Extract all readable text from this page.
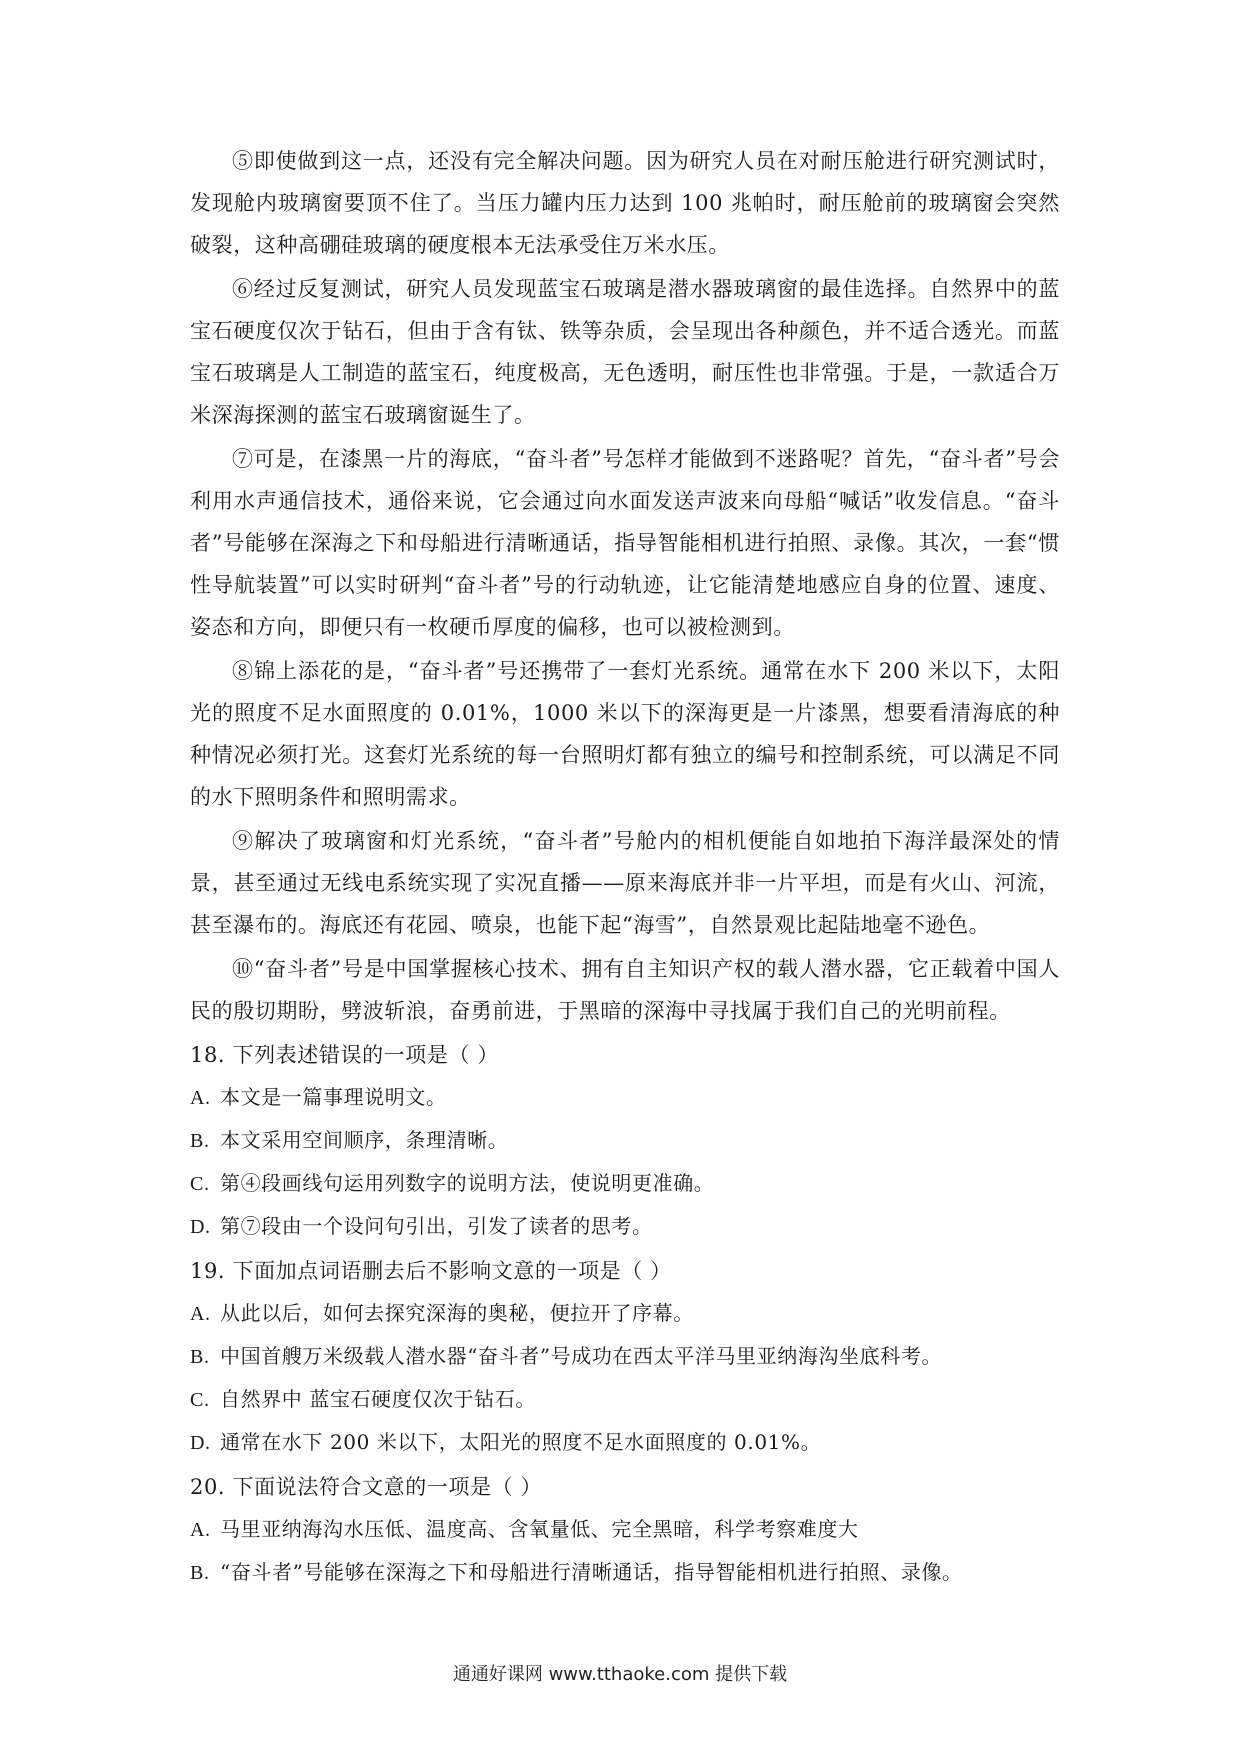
⑤即使做到这一点，还没有完全解决问题。因为研究人员在对耐压舱进行研究测试时，发现舱内玻璃窗要顶不住了。当压力罐内压力达到 100 兆帕时，耐压舱前的玻璃窗会突然破裂，这种高硼硅玻璃的硬度根本无法承受住万米水压。

⑥经过反复测试，研究人员发现蓝宝石玻璃是潜水器玻璃窗的最佳选择。自然界中的蓝宝石硬度仅次于钻石，但由于含有钛、铁等杂质，会呈现出各种颜色，并不适合透光。而蓝宝石玻璃是人工制造的蓝宝石，纯度极高，无色透明，耐压性也非常强。于是，一款适合万米深海探测的蓝宝石玻璃窗诞生了。

⑦可是，在漆黑一片的海底，“奋斗者”号怎样才能做到不迷路呢？首先，“奋斗者”号会利用水声通信技术，通俗来说，它会通过向水面发送声波来向母船“喊话”收发信息。“奋斗者”号能够在深海之下和母船进行清晰通话，指导智能相机进行拍照、录像。其次，一套“惯性导航装置”可以实时研判“奋斗者”号的行动轨迹，让它能清楚地感应自身的位置、速度、姿态和方向，即便只有一枚硬币厚度的偏移，也可以被检测到。

⑧锦上添花的是，“奋斗者”号还携带了一套灯光系统。通常在水下 200 米以下，太阳光的照度不足水面照度的 0.01%，1000 米以下的深海更是一片漆黑，想要看清海底的种种情况必须打光。这套灯光系统的每一台照明灯都有独立的编号和控制系统，可以满足不同的水下照明条件和照明需求。

⑨解决了玻璃窗和灯光系统，“奋斗者”号舱内的相机便能自如地拍下海洋最深处的情景，甚至通过无线电系统实现了实况直播——原来海底并非一片平坦，而是有火山、河流，甚至瀑布的。海底还有花园、喷泉，也能下起“海雪”，自然景观比起陆地毫不逊色。

⑩“奋斗者”号是中国掌握核心技术、拥有自主知识产权的载人潜水器，它正载着中国人民的殷切期盼，劈波斩浪，奋勇前进，于黑暗的深海中寻找属于我们自己的光明前程。

18. 下列表述错误的一项是（ ）

A. 本文是一篇事理说明文。

B. 本文采用空间顺序，条理清晰。

C. 第④段画线句运用列数字的说明方法，使说明更准确。

D. 第⑦段由一个设问句引出，引发了读者的思考。

19. 下面加点词语删去后不影响文意的一项是（ ）

A. 从此以后，如何去探究深海的奥秘，便拉开了序幕。

B. 中国首艘万米级载人潜水器“奋斗者”号成功在西太平洋马里亚纳海沟坐底科考。

C. 自然界中 蓝宝石硬度仅次于钻石。

D. 通常在水下 200 米以下，太阳光的照度不足水面照度的 0.01%。

20. 下面说法符合文意的一项是（ ）

A. 马里亚纳海沟水压低、温度高、含氧量低、完全黑暗，科学考察难度大

B. “奋斗者”号能够在深海之下和母船进行清晰通话，指导智能相机进行拍照、录像。

通通好课网 www.tthaoke.com 提供下载
